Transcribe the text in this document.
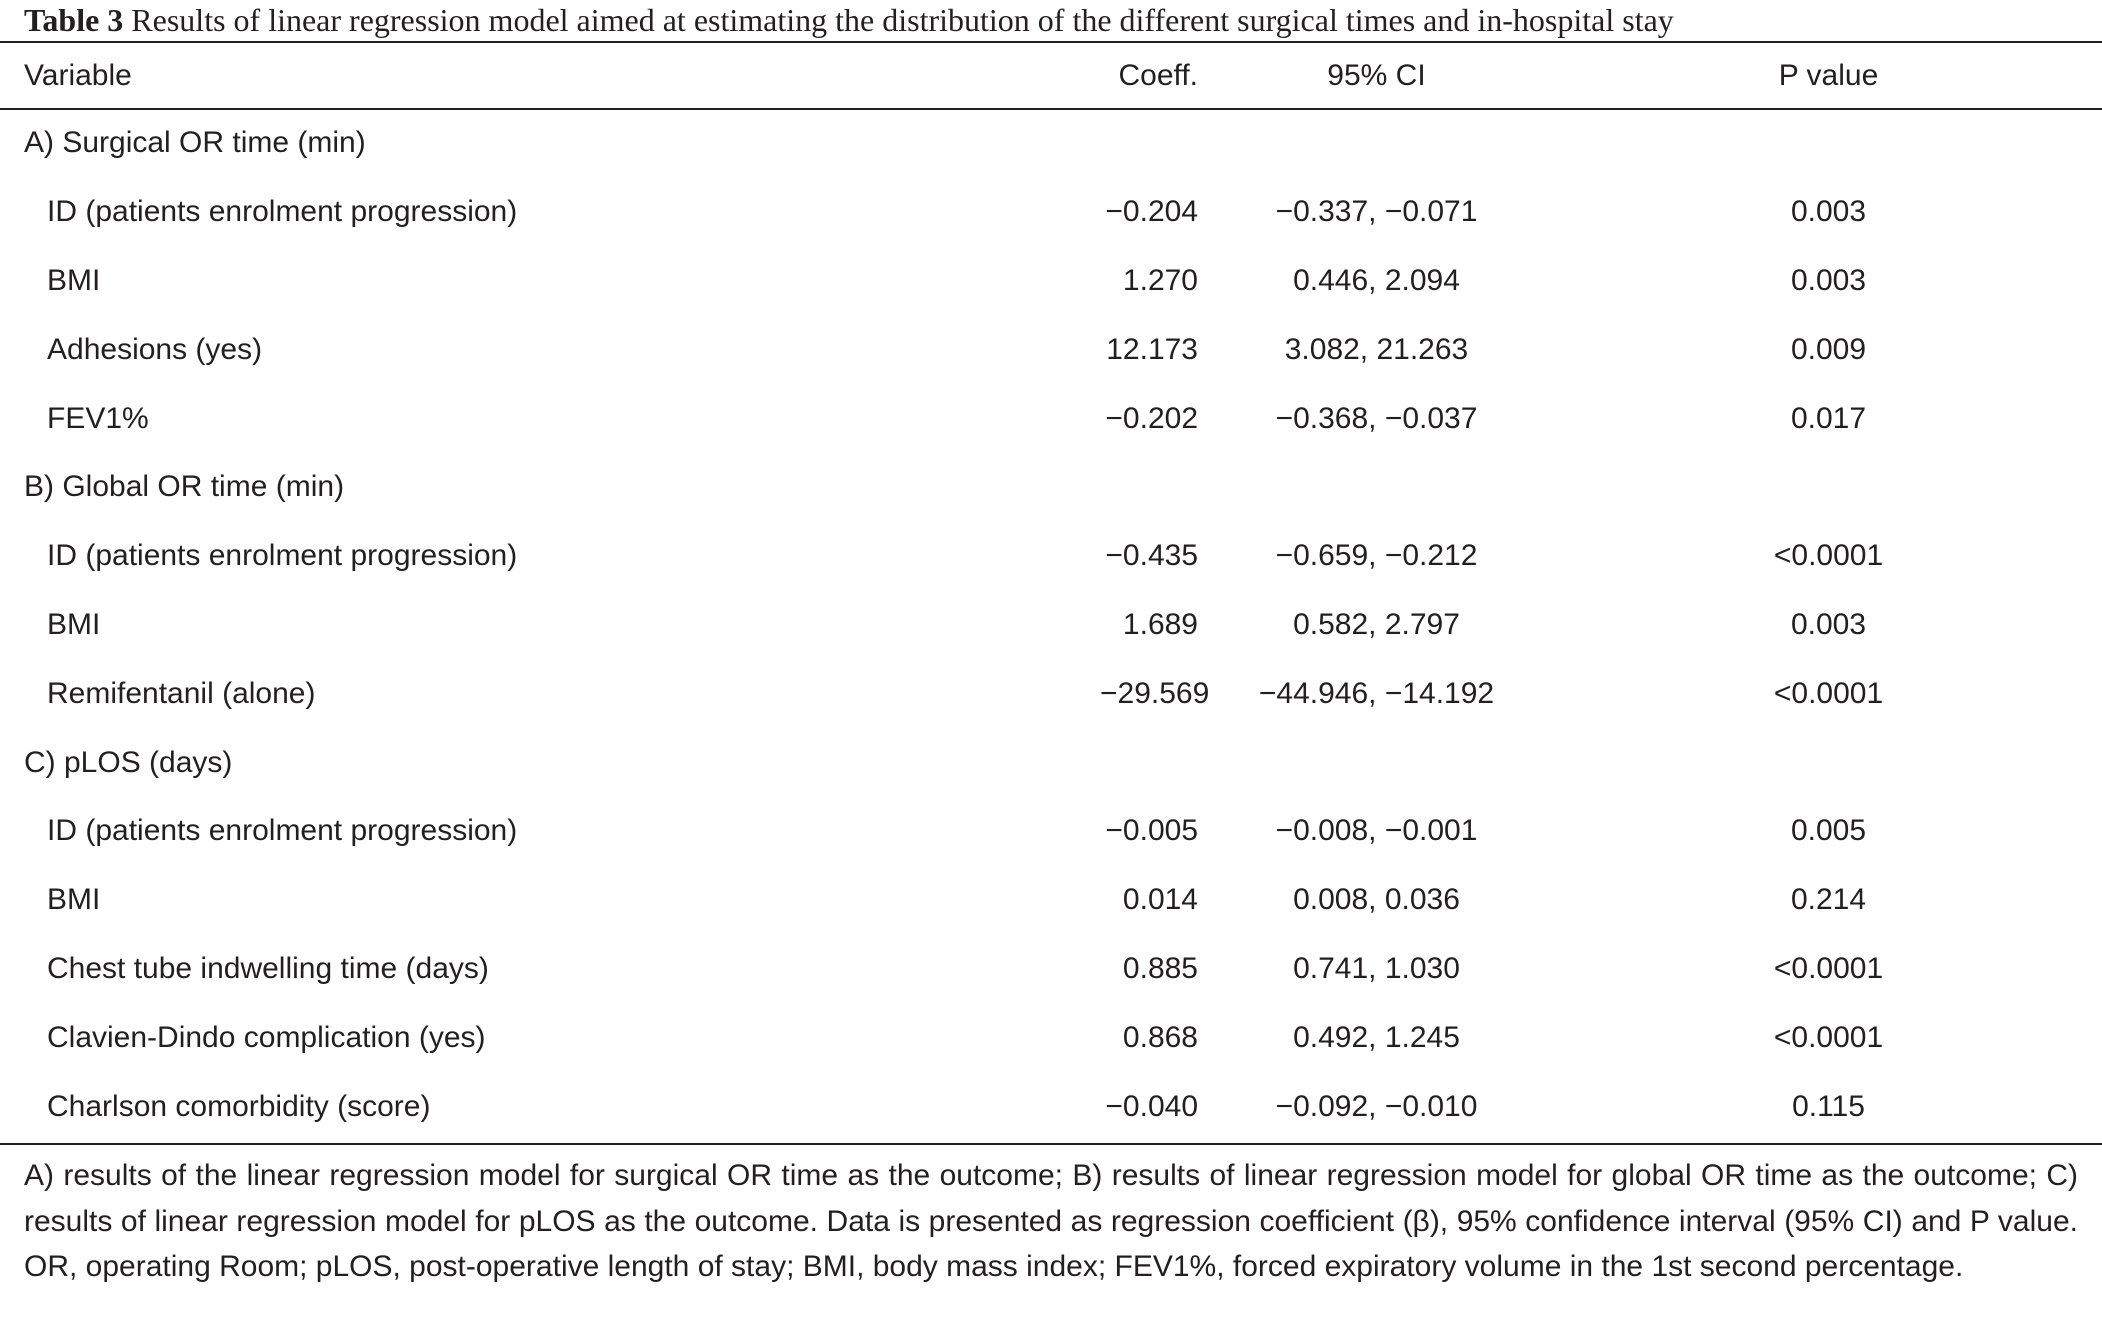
Table 3 Results of linear regression model aimed at estimating the distribution of the different surgical times and in-hospital stay
Variable	Coeff.	95% CI	P value
A) Surgical OR time (min)			
ID (patients enrolment progression)	−0.204	−0.337, −0.071	0.003
BMI	1.270	0.446, 2.094	0.003
Adhesions (yes)	12.173	3.082, 21.263	0.009
FEV1%	−0.202	−0.368, −0.037	0.017
B) Global OR time (min)			
ID (patients enrolment progression)	−0.435	−0.659, −0.212	<0.0001
BMI	1.689	0.582, 2.797	0.003
Remifentanil (alone)	−29.569	−44.946, −14.192	<0.0001
C) pLOS (days)			
ID (patients enrolment progression)	−0.005	−0.008, −0.001	0.005
BMI	0.014	0.008, 0.036	0.214
Chest tube indwelling time (days)	0.885	0.741, 1.030	<0.0001
Clavien-Dindo complication (yes)	0.868	0.492, 1.245	<0.0001
Charlson comorbidity (score)	−0.040	−0.092, −0.010	0.115
A) results of the linear regression model for surgical OR time as the outcome; B) results of linear regression model for global OR time as the outcome; C) results of linear regression model for pLOS as the outcome. Data is presented as regression coefficient (β), 95% confidence interval (95% CI) and P value. OR, operating Room; pLOS, post-operative length of stay; BMI, body mass index; FEV1%, forced expiratory volume in the 1st second percentage.
